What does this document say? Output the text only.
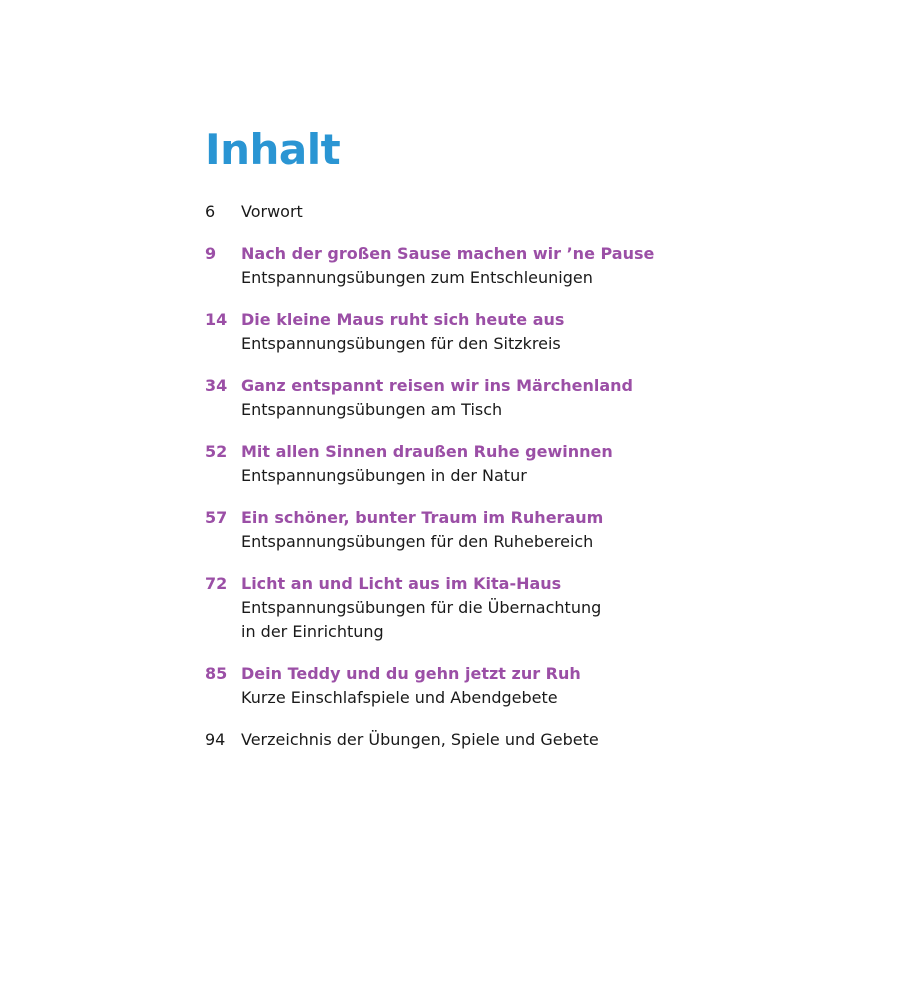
Inhalt
6	Vorwort
9	Nach der großen Sause machen wir ’ne Pause
Entspannungsübungen zum Entschleunigen
14 Die kleine Maus ruht sich heute aus
Entspannungsübungen für den Sitzkreis
34 Ganz entspannt reisen wir ins Märchenland
Entspannungsübungen am Tisch
52 Mit allen Sinnen draußen Ruhe gewinnen
Entspannungsübungen in der Natur
57 Ein schöner, bunter Traum im Ruheraum
Entspannungsübungen für den Ruhebereich
72 Licht an und Licht aus im Kita-Haus
Entspannungsübungen für die Übernachtung
in der Einrichtung
85 Dein Teddy und du gehn jetzt zur Ruh
Kurze Einschlafspiele und Abendgebete
94 Verzeichnis der Übungen, Spiele und Gebete
